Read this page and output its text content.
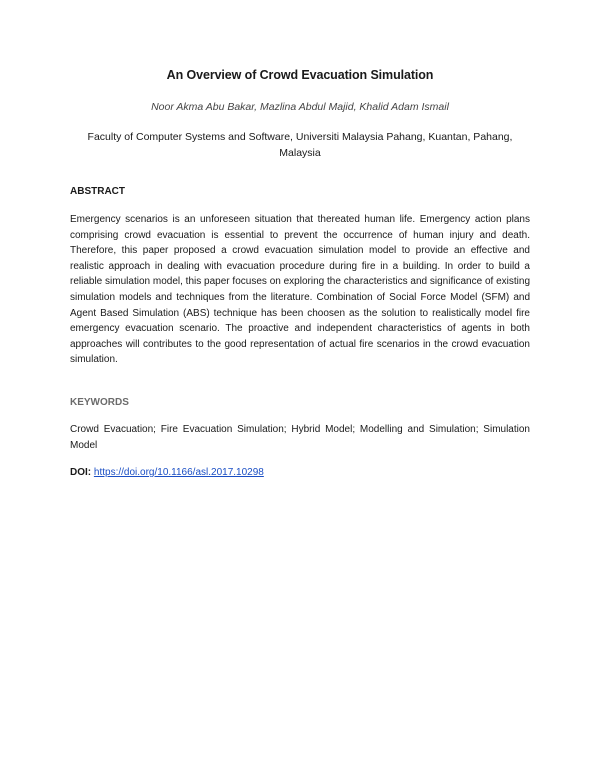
An Overview of Crowd Evacuation Simulation
Noor Akma Abu Bakar, Mazlina Abdul Majid, Khalid Adam Ismail
Faculty of Computer Systems and Software, Universiti Malaysia Pahang, Kuantan, Pahang, Malaysia
ABSTRACT
Emergency scenarios is an unforeseen situation that thereated human life. Emergency action plans comprising crowd evacuation is essential to prevent the occurrence of human injury and death. Therefore, this paper proposed a crowd evacuation simulation model to provide an effective and realistic approach in dealing with evacuation procedure during fire in a building. In order to build a reliable simulation model, this paper focuses on exploring the characteristics and significance of existing simulation models and techniques from the literature. Combination of Social Force Model (SFM) and Agent Based Simulation (ABS) technique has been choosen as the solution to realistically model fire emergency evacuation scenario. The proactive and independent characteristics of agents in both approaches will contributes to the good representation of actual fire scenarios in the crowd evacuation simulation.
KEYWORDS
Crowd Evacuation; Fire Evacuation Simulation; Hybrid Model; Modelling and Simulation; Simulation Model
DOI: https://doi.org/10.1166/asl.2017.10298
